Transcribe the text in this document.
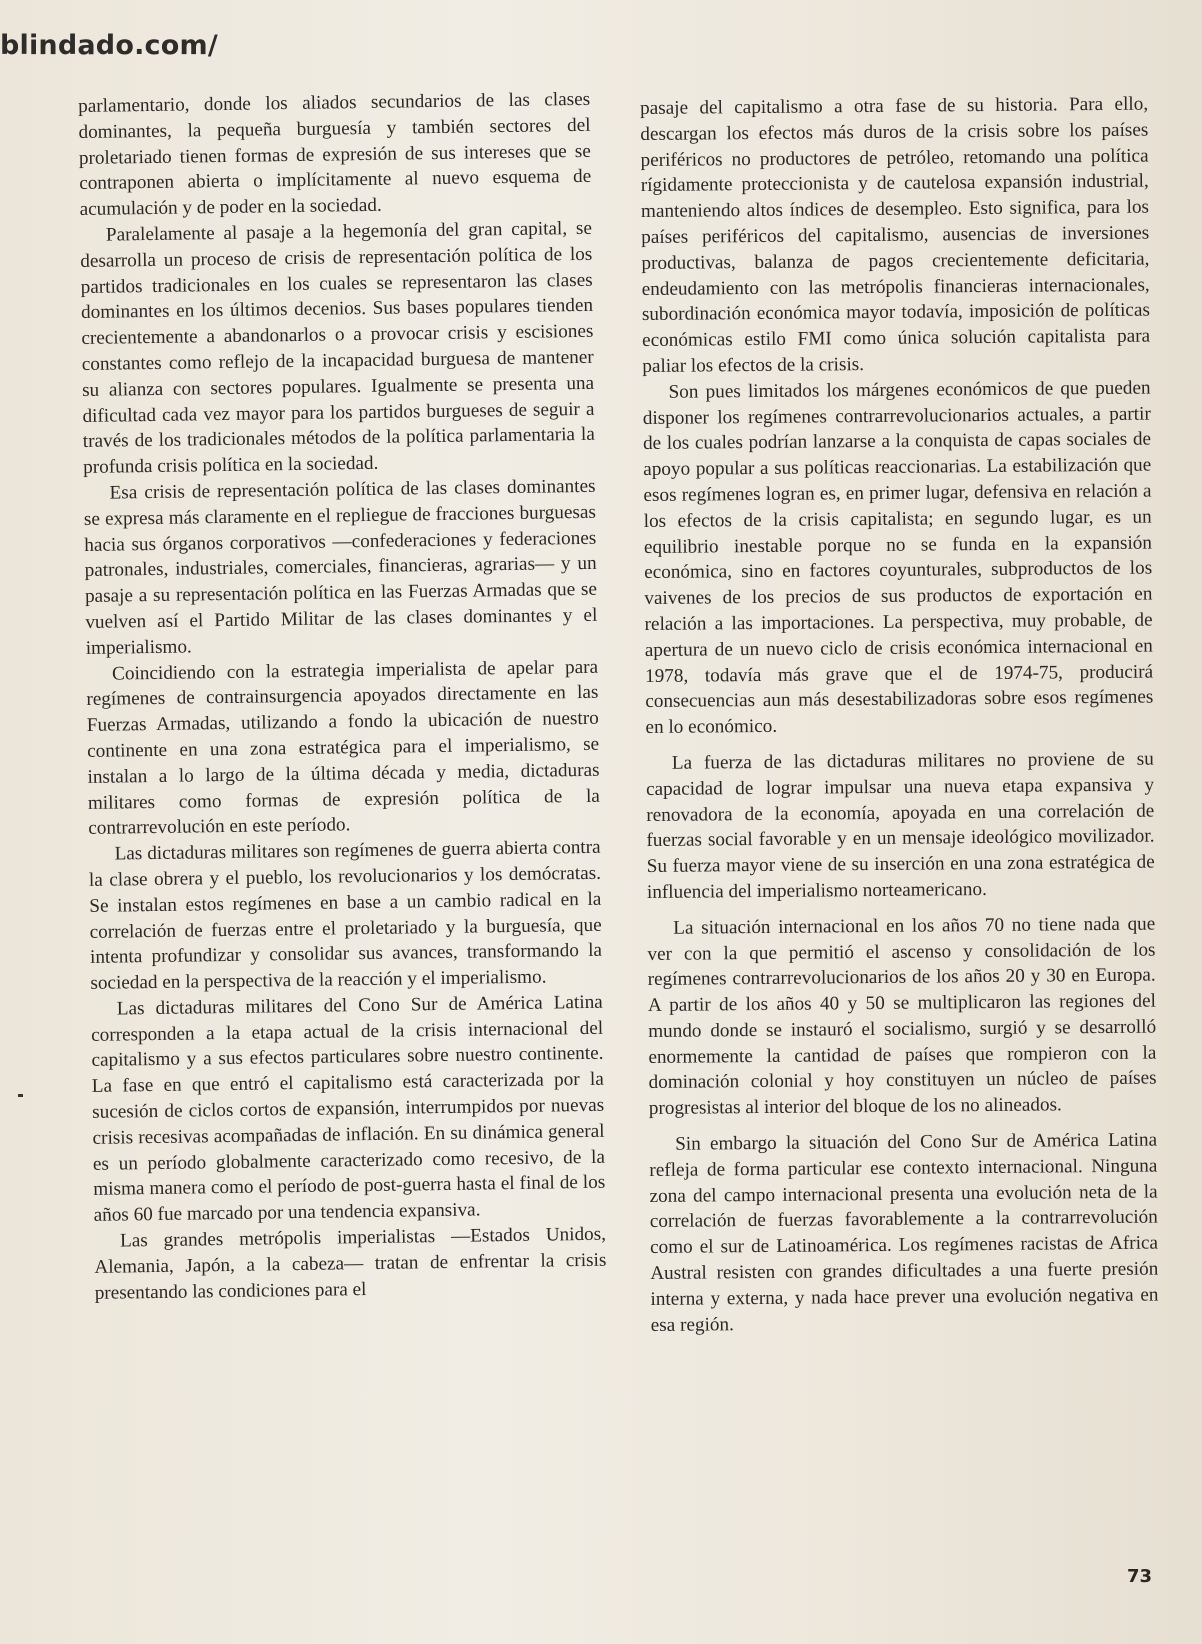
blindado.com/

parlamentario, donde los aliados secundarios de las clases dominantes, la pequeña burguesía y también sectores del proletariado tienen formas de expresión de sus intereses que se contraponen abierta o implícitamente al nuevo esquema de acumulación y de poder en la sociedad.

Paralelamente al pasaje a la hegemonía del gran capital, se desarrolla un proceso de crisis de representación política de los partidos tradicionales en los cuales se representaron las clases dominantes en los últimos decenios. Sus bases populares tienden crecientemente a abandonarlos o a provocar crisis y escisiones constantes como reflejo de la incapacidad burguesa de mantener su alianza con sectores populares. Igualmente se presenta una dificultad cada vez mayor para los partidos burgueses de seguir a través de los tradicionales métodos de la política parlamentaria la profunda crisis política en la sociedad.

Esa crisis de representación política de las clases dominantes se expresa más claramente en el repliegue de fracciones burguesas hacia sus órganos corporativos —confederaciones y federaciones patronales, industriales, comerciales, financieras, agrarias— y un pasaje a su representación política en las Fuerzas Armadas que se vuelven así el Partido Militar de las clases dominantes y el imperialismo.

Coincidiendo con la estrategia imperialista de apelar para regímenes de contrainsurgencia apoyados directamente en las Fuerzas Armadas, utilizando a fondo la ubicación de nuestro continente en una zona estratégica para el imperialismo, se instalan a lo largo de la última década y media, dictaduras militares como formas de expresión política de la contrarrevolución en este período.

Las dictaduras militares son regímenes de guerra abierta contra la clase obrera y el pueblo, los revolucionarios y los demócratas. Se instalan estos regímenes en base a un cambio radical en la correlación de fuerzas entre el proletariado y la burguesía, que intenta profundizar y consolidar sus avances, transformando la sociedad en la perspectiva de la reacción y el imperialismo.

Las dictaduras militares del Cono Sur de América Latina corresponden a la etapa actual de la crisis internacional del capitalismo y a sus efectos particulares sobre nuestro continente. La fase en que entró el capitalismo está caracterizada por la sucesión de ciclos cortos de expansión, interrumpidos por nuevas crisis recesivas acompañadas de inflación. En su dinámica general es un período globalmente caracterizado como recesivo, de la misma manera como el período de post-guerra hasta el final de los años 60 fue marcado por una tendencia expansiva.

Las grandes metrópolis imperialistas —Estados Unidos, Alemania, Japón, a la cabeza— tratan de enfrentar la crisis presentando las condiciones para el

pasaje del capitalismo a otra fase de su historia. Para ello, descargan los efectos más duros de la crisis sobre los países periféricos no productores de petróleo, retomando una política rígidamente proteccionista y de cautelosa expansión industrial, manteniendo altos índices de desempleo. Esto significa, para los países periféricos del capitalismo, ausencias de inversiones productivas, balanza de pagos crecientemente deficitaria, endeudamiento con las metrópolis financieras internacionales, subordinación económica mayor todavía, imposición de políticas económicas estilo FMI como única solución capitalista para paliar los efectos de la crisis.

Son pues limitados los márgenes económicos de que pueden disponer los regímenes contrarrevolucionarios actuales, a partir de los cuales podrían lanzarse a la conquista de capas sociales de apoyo popular a sus políticas reaccionarias. La estabilización que esos regímenes logran es, en primer lugar, defensiva en relación a los efectos de la crisis capitalista; en segundo lugar, es un equilibrio inestable porque no se funda en la expansión económica, sino en factores coyunturales, subproductos de los vaivenes de los precios de sus productos de exportación en relación a las importaciones. La perspectiva, muy probable, de apertura de un nuevo ciclo de crisis económica internacional en 1978, todavía más grave que el de 1974-75, producirá consecuencias aun más desestabilizadoras sobre esos regímenes en lo económico.

La fuerza de las dictaduras militares no proviene de su capacidad de lograr impulsar una nueva etapa expansiva y renovadora de la economía, apoyada en una correlación de fuerzas social favorable y en un mensaje ideológico movilizador. Su fuerza mayor viene de su inserción en una zona estratégica de influencia del imperialismo norteamericano.

La situación internacional en los años 70 no tiene nada que ver con la que permitió el ascenso y consolidación de los regímenes contrarrevolucionarios de los años 20 y 30 en Europa. A partir de los años 40 y 50 se multiplicaron las regiones del mundo donde se instauró el socialismo, surgió y se desarrolló enormemente la cantidad de países que rompieron con la dominación colonial y hoy constituyen un núcleo de países progresistas al interior del bloque de los no alineados.

Sin embargo la situación del Cono Sur de América Latina refleja de forma particular ese contexto internacional. Ninguna zona del campo internacional presenta una evolución neta de la correlación de fuerzas favorablemente a la contrarrevolución como el sur de Latinoamérica. Los regímenes racistas de Africa Austral resisten con grandes dificultades a una fuerte presión interna y externa, y nada hace prever una evolución negativa en esa región.

73
